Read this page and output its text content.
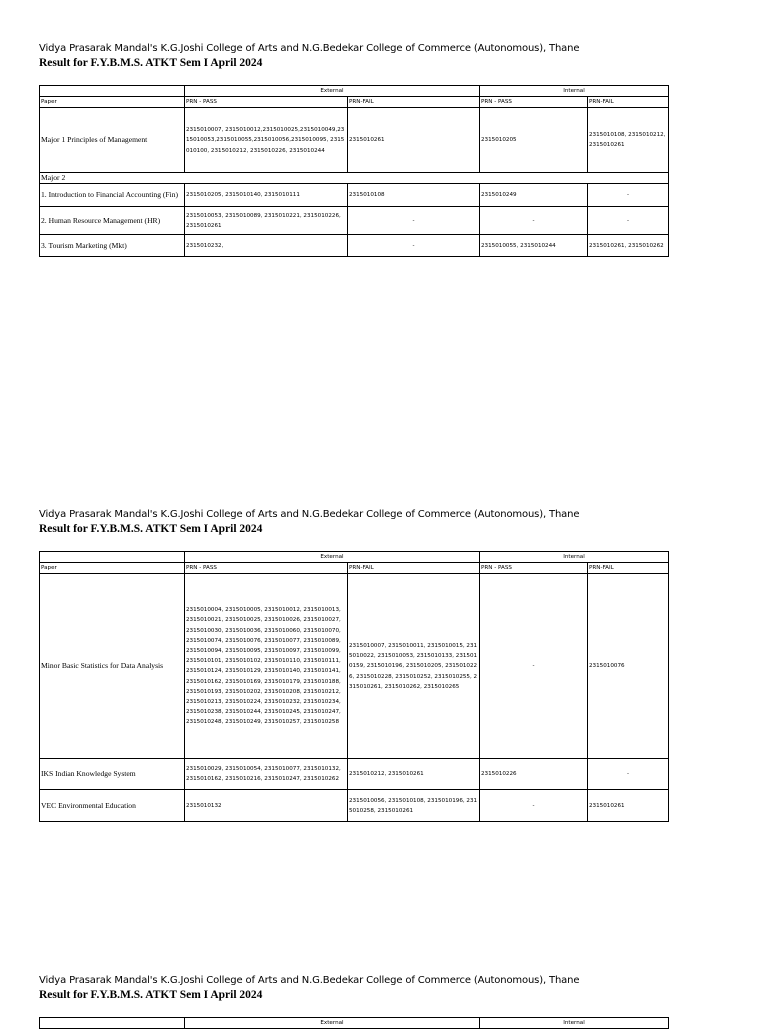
Vidya Prasarak Mandal's K.G.Joshi College of Arts and N.G.Bedekar College of Commerce (Autonomous), Thane
Result for F.Y.B.M.S. ATKT Sem I April 2024
	External		Internal	
Paper	PRN - PASS	PRN-FAIL	PRN - PASS	PRN-FAIL
Major 1 Principles of Management	2315010007, 2315010012,2315010025,2315010049,2315010053,2315010055,2315010056,2315010095, 2315010100, 2315010212, 2315010226, 2315010244	2315010261	2315010205	2315010108, 2315010212, 2315010261
Major 2				
1. Introduction to Financial Accounting (Fin)	2315010205, 2315010140, 2315010111	2315010108	2315010249	-
2. Human Resource Management (HR)	2315010053, 2315010089, 2315010221, 2315010226, 2315010261	-	-	-
3. Tourism Marketing (Mkt)	2315010232,	-	2315010055, 2315010244	2315010261, 2315010262
Vidya Prasarak Mandal's K.G.Joshi College of Arts and N.G.Bedekar College of Commerce (Autonomous), Thane
Result for F.Y.B.M.S. ATKT Sem I April 2024
	External		Internal	
Paper	PRN - PASS	PRN-FAIL	PRN - PASS	PRN-FAIL
Minor Basic Statistics for Data Analysis	2315010004, 2315010005, 2315010012, 2315010013, 2315010021, 2315010025, 2315010026, 2315010027, 2315010030, 2315010036, 2315010060, 2315010070, 2315010074, 2315010076, 2315010077, 2315010089, 2315010094, 2315010095, 2315010097, 2315010099, 2315010101, 2315010102, 2315010110, 2315010111, 2315010124, 2315010129, 2315010140, 2315010141, 2315010162, 2315010169, 2315010179, 2315010188, 2315010193, 2315010202, 2315010208, 2315010212, 2315010213, 2315010224, 2315010232, 2315010234, 2315010238, 2315010244, 2315010245, 2315010247, 2315010248, 2315010249, 2315010257, 2315010258	2315010007, 2315010011, 2315010015, 2315010022, 2315010053, 2315010133, 2315010159, 2315010196, 2315010205, 2315010226, 2315010228, 2315010252, 2315010255, 2315010261, 2315010262, 2315010265	-	2315010076
IKS Indian Knowledge System	2315010029, 2315010054, 2315010077, 2315010132, 2315010162, 2315010216, 2315010247, 2315010262	2315010212, 2315010261	2315010226	-
VEC Environmental Education	2315010132	2315010056, 2315010108, 2315010196, 2315010258, 2315010261	-	2315010261
Vidya Prasarak Mandal's K.G.Joshi College of Arts and N.G.Bedekar College of Commerce (Autonomous), Thane
Result for F.Y.B.M.S. ATKT Sem I April 2024
	External	Internal
